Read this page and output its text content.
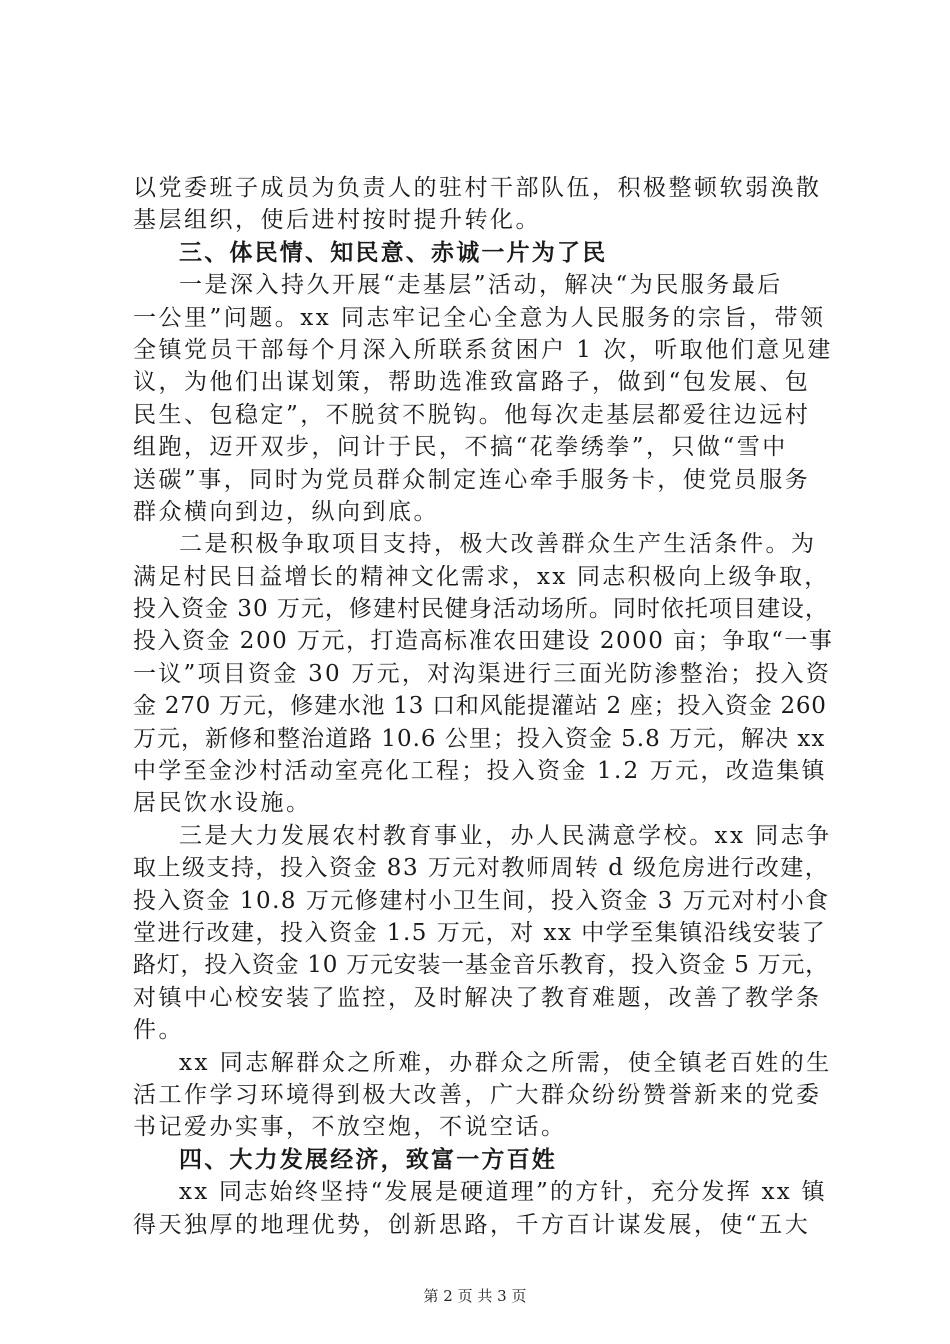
以党委班子成员为负责人的驻村干部队伍，积极整顿软弱涣散
基层组织，使后进村按时提升转化。
三、体民情、知民意、赤诚一片为了民
一是深入持久开展“走基层”活动，解决“为民服务最后
一公里”问题。xx 同志牢记全心全意为人民服务的宗旨，带领
全镇党员干部每个月深入所联系贫困户 1 次，听取他们意见建
议，为他们出谋划策，帮助选准致富路子，做到“包发展、包
民生、包稳定”，不脱贫不脱钩。他每次走基层都爱往边远村
组跑，迈开双步，问计于民，不搞“花拳绣拳”，只做“雪中
送碳”事，同时为党员群众制定连心牵手服务卡，使党员服务
群众横向到边，纵向到底。
二是积极争取项目支持，极大改善群众生产生活条件。为
满足村民日益增长的精神文化需求，xx 同志积极向上级争取，
投入资金 30 万元，修建村民健身活动场所。同时依托项目建设，
投入资金 200 万元，打造高标准农田建设 2000 亩；争取“一事
一议”项目资金 30 万元，对沟渠进行三面光防渗整治；投入资
金 270 万元，修建水池 13 口和风能提灌站 2 座；投入资金 260
万元，新修和整治道路 10.6 公里；投入资金 5.8 万元，解决 xx
中学至金沙村活动室亮化工程；投入资金 1.2 万元，改造集镇
居民饮水设施。
三是大力发展农村教育事业，办人民满意学校。xx 同志争
取上级支持，投入资金 83 万元对教师周转 d 级危房进行改建，
投入资金 10.8 万元修建村小卫生间，投入资金 3 万元对村小食
堂进行改建，投入资金 1.5 万元，对 xx 中学至集镇沿线安装了
路灯，投入资金 10 万元安装一基金音乐教育，投入资金 5 万元，
对镇中心校安装了监控，及时解决了教育难题，改善了教学条
件。
xx 同志解群众之所难，办群众之所需，使全镇老百姓的生
活工作学习环境得到极大改善，广大群众纷纷赞誉新来的党委
书记爱办实事，不放空炮，不说空话。
四、大力发展经济，致富一方百姓
xx 同志始终坚持“发展是硬道理”的方针，充分发挥 xx 镇
得天独厚的地理优势，创新思路，千方百计谋发展，使“五大
第 2 页 共 3 页
